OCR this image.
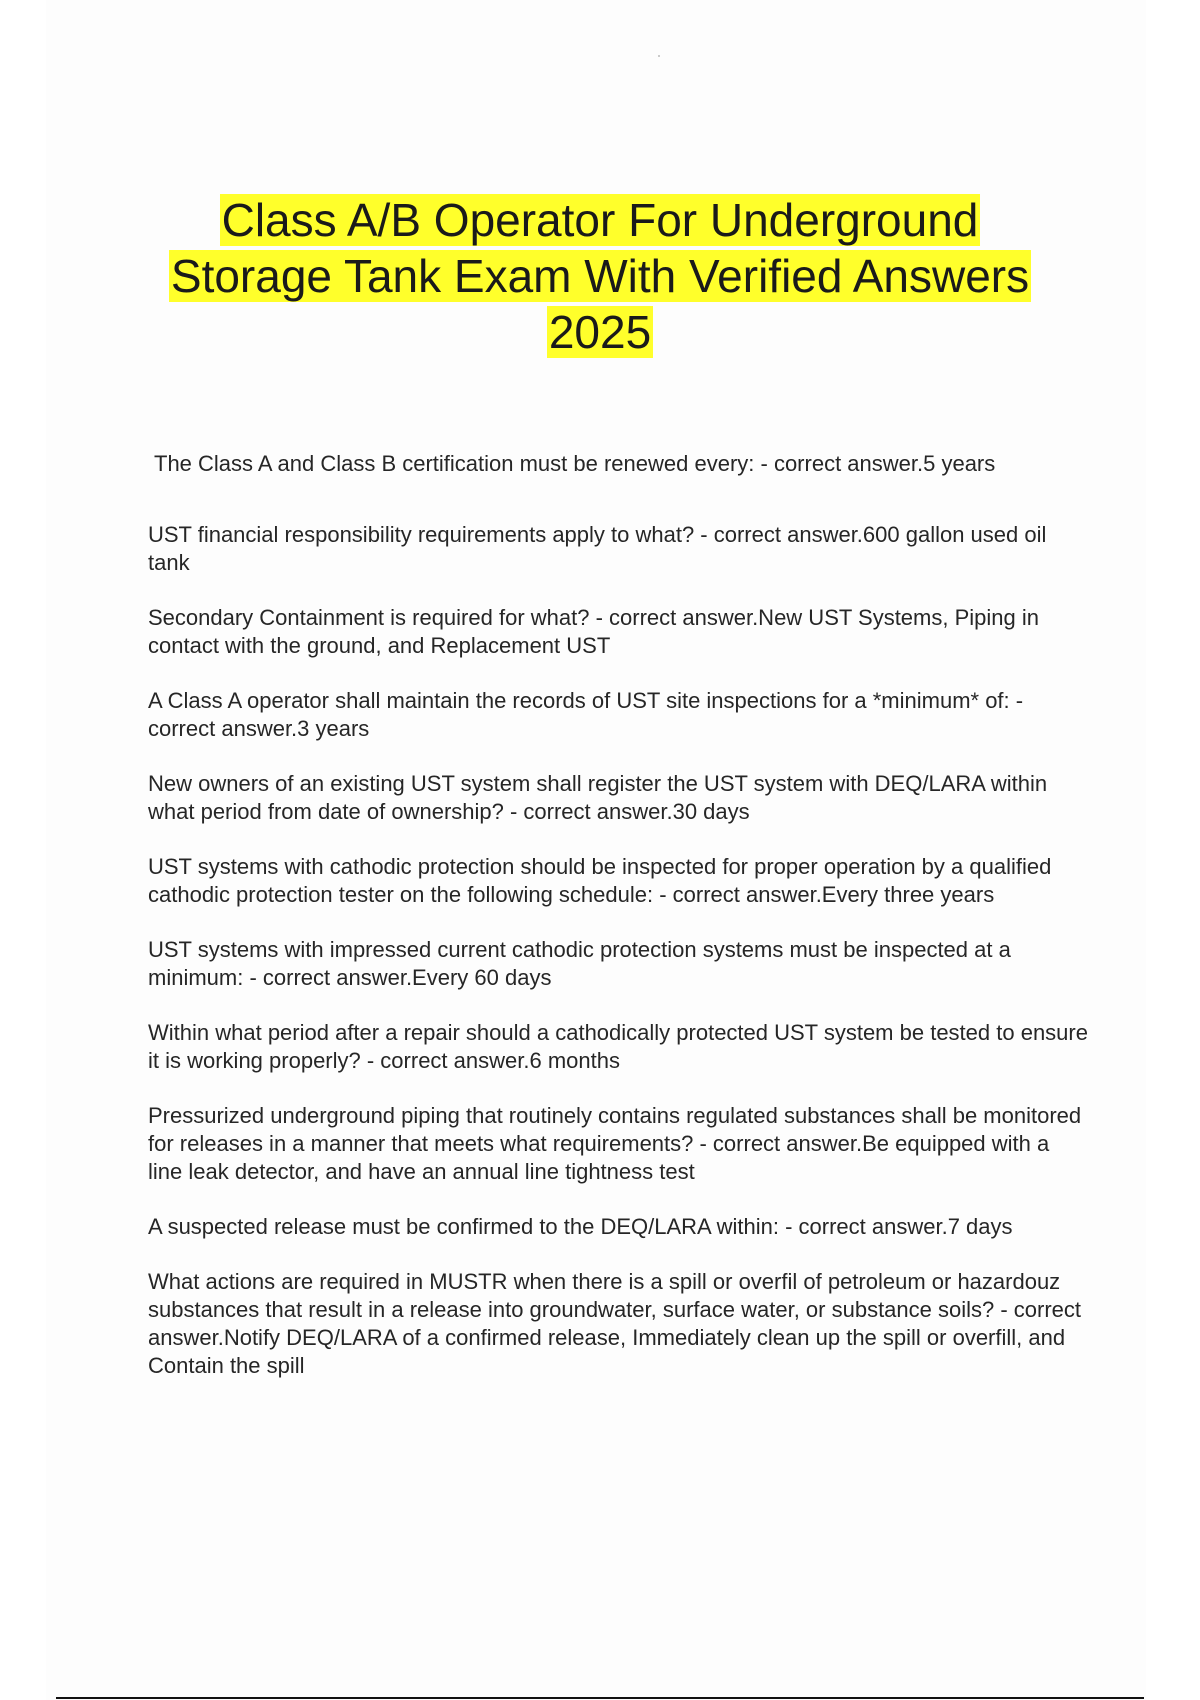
Class A/B Operator For Underground
Storage Tank Exam With Verified Answers
2025

The Class A and Class B certification must be renewed every: - correct answer.5 years

UST financial responsibility requirements apply to what? - correct answer.600 gallon used oil tank

Secondary Containment is required for what? - correct answer.New UST Systems, Piping in contact with the ground, and Replacement UST

A Class A operator shall maintain the records of UST site inspections for a *minimum* of: - correct answer.3 years

New owners of an existing UST system shall register the UST system with DEQ/LARA within what period from date of ownership? - correct answer.30 days

UST systems with cathodic protection should be inspected for proper operation by a qualified cathodic protection tester on the following schedule: - correct answer.Every three years

UST systems with impressed current cathodic protection systems must be inspected at a minimum: - correct answer.Every 60 days

Within what period after a repair should a cathodically protected UST system be tested to ensure it is working properly? - correct answer.6 months

Pressurized underground piping that routinely contains regulated substances shall be monitored for releases in a manner that meets what requirements? - correct answer.Be equipped with a line leak detector, and have an annual line tightness test

A suspected release must be confirmed to the DEQ/LARA within: - correct answer.7 days

What actions are required in MUSTR when there is a spill or overfil of petroleum or hazardouz substances that result in a release into groundwater, surface water, or substance soils? - correct answer.Notify DEQ/LARA of a confirmed release, Immediately clean up the spill or overfill, and Contain the spill
